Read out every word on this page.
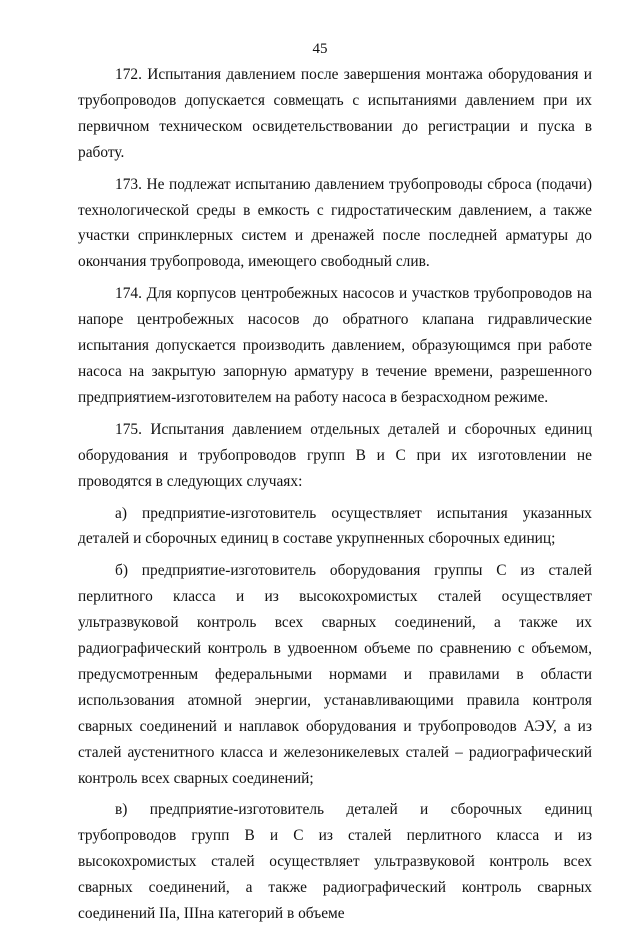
45

172. Испытания давлением после завершения монтажа оборудования и трубопроводов допускается совмещать с испытаниями давлением при их первичном техническом освидетельствовании до регистрации и пуска в работу.

173. Не подлежат испытанию давлением трубопроводы сброса (подачи) технологической среды в емкость с гидростатическим давлением, а также участки спринклерных систем и дренажей после последней арматуры до окончания трубопровода, имеющего свободный слив.

174. Для корпусов центробежных насосов и участков трубопроводов на напоре центробежных насосов до обратного клапана гидравлические испытания допускается производить давлением, образующимся при работе насоса на закрытую запорную арматуру в течение времени, разрешенного предприятием-изготовителем на работу насоса в безрасходном режиме.

175. Испытания давлением отдельных деталей и сборочных единиц оборудования и трубопроводов групп В и С при их изготовлении не проводятся в следующих случаях:

а) предприятие-изготовитель осуществляет испытания указанных деталей и сборочных единиц в составе укрупненных сборочных единиц;

б) предприятие-изготовитель оборудования группы С из сталей перлитного класса и из высокохромистых сталей осуществляет ультразвуковой контроль всех сварных соединений, а также их радиографический контроль в удвоенном объеме по сравнению с объемом, предусмотренным федеральными нормами и правилами в области использования атомной энергии, устанавливающими правила контроля сварных соединений и наплавок оборудования и трубопроводов АЭУ, а из сталей аустенитного класса и железоникелевых сталей – радиографический контроль всех сварных соединений;

в) предприятие-изготовитель деталей и сборочных единиц трубопроводов групп В и С из сталей перлитного класса и из высокохромистых сталей осуществляет ультразвуковой контроль всех сварных соединений, а также радиографический контроль сварных соединений IIа, IIIна категорий в объеме
